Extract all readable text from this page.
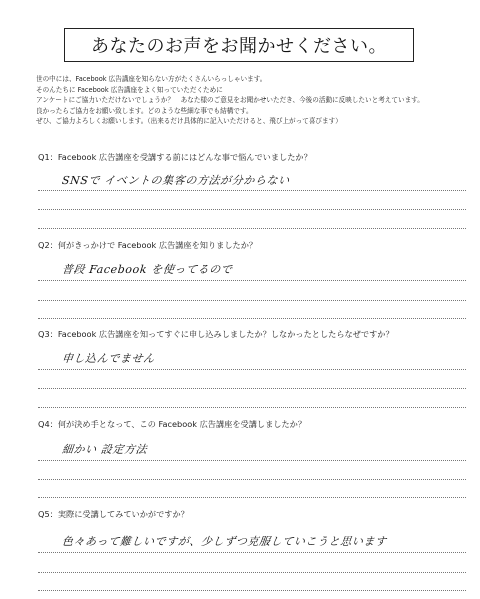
あなたのお声をお聞かせください。
世の中には、Facebook 広告講座を知らない方がたくさんいらっしゃいます。
そのんたちに Facebook 広告講座をよく知っていただくために
アンケートにご協力いただけないでしょうか？　あなた様のご意見をお聞かせいただき、今後の活動に反映したいと考えています。
良かったらご協力をお願い致します。どのような些細な事でも結構です。
ぜひ、ご協力よろしくお願いします。（出来るだけ具体的に記入いただけると、飛び上がって喜びます）
Q1：Facebook 広告講座を受講する前にはどんな事で悩んでいましたか？
SNSで イベントの集客の方法が分からない
Q2：何がきっかけで Facebook 広告講座を知りましたか？
普段 Facebook を使ってるので
Q3：Facebook 広告講座を知ってすぐに申し込みしましたか？しなかったとしたらなぜですか？
申し込んでません
Q4：何が決め手となって、この Facebook 広告講座を受講しましたか？
細かい 設定方法
Q5：実際に受講してみていかがですか？
色々あって難しいですが、少しずつ克服していこうと思います
